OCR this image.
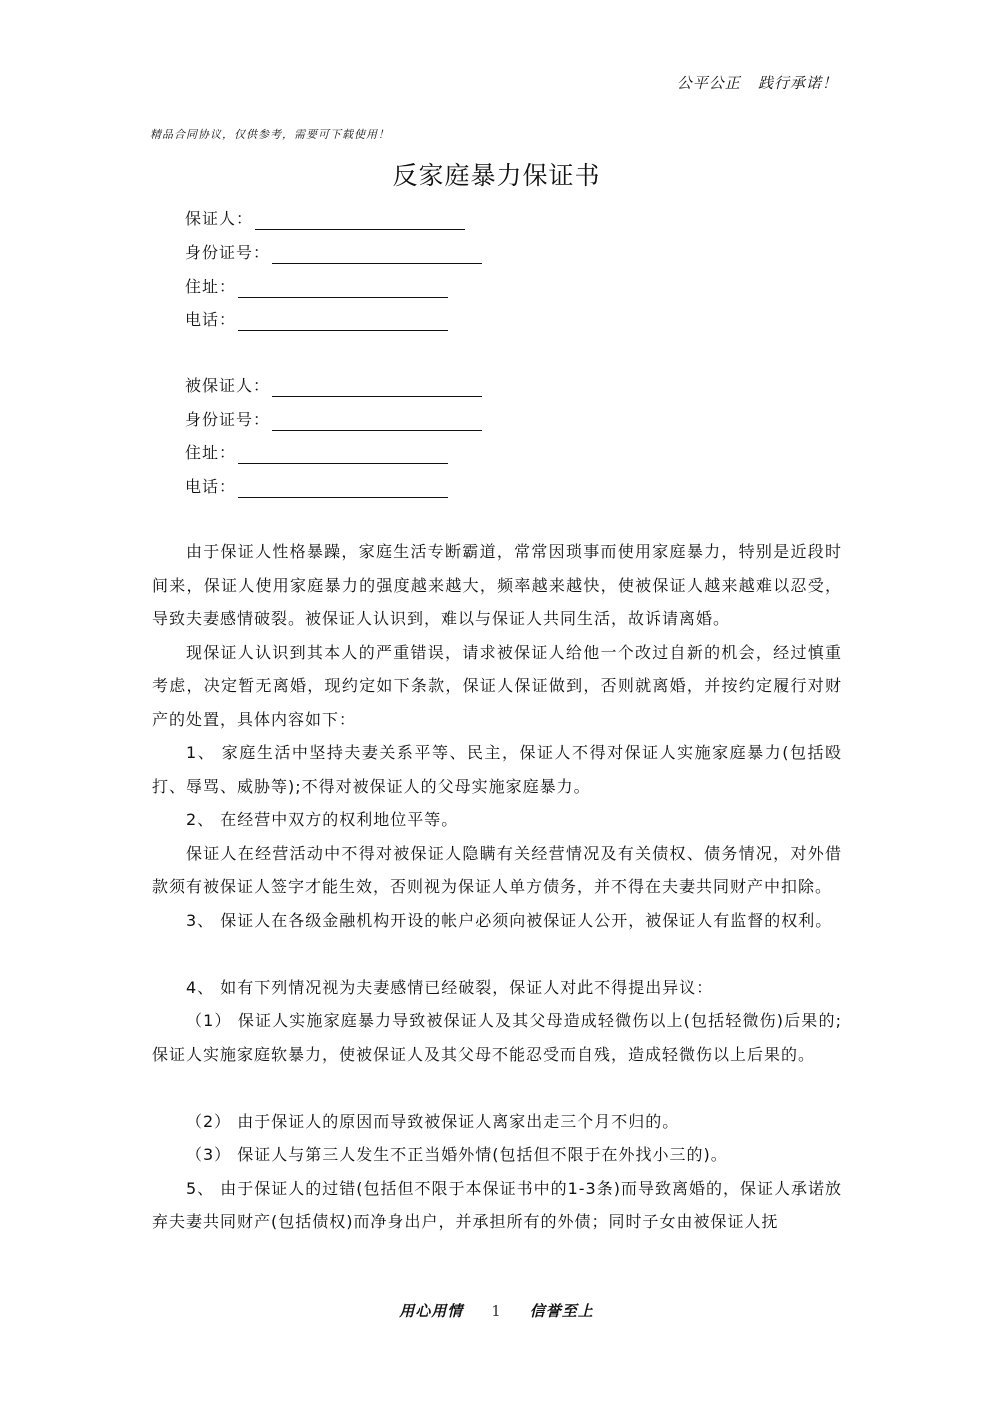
公平公正   践行承诺！
精品合同协议，仅供参考，需要可下载使用！
反家庭暴力保证书
保证人：
身份证号：
住址：
电话：
被保证人：
身份证号：
住址：
电话：

由于保证人性格暴躁，家庭生活专断霸道，常常因琐事而使用家庭暴力，特别是近段时间来，保证人使用家庭暴力的强度越来越大，频率越来越快，使被保证人越来越难以忍受，导致夫妻感情破裂。被保证人认识到，难以与保证人共同生活，故诉请离婚。

现保证人认识到其本人的严重错误，请求被保证人给他一个改过自新的机会，经过慎重考虑，决定暂无离婚，现约定如下条款，保证人保证做到，否则就离婚，并按约定履行对财产的处置，具体内容如下：

1、 家庭生活中坚持夫妻关系平等、民主，保证人不得对保证人实施家庭暴力(包括殴打、辱骂、威胁等);不得对被保证人的父母实施家庭暴力。

2、 在经营中双方的权利地位平等。

保证人在经营活动中不得对被保证人隐瞒有关经营情况及有关债权、债务情况，对外借款须有被保证人签字才能生效，否则视为保证人单方债务，并不得在夫妻共同财产中扣除。

3、 保证人在各级金融机构开设的帐户必须向被保证人公开，被保证人有监督的权利。

4、 如有下列情况视为夫妻感情已经破裂，保证人对此不得提出异议：

（1） 保证人实施家庭暴力导致被保证人及其父母造成轻微伤以上(包括轻微伤)后果的;保证人实施家庭软暴力，使被保证人及其父母不能忍受而自残，造成轻微伤以上后果的。

（2） 由于保证人的原因而导致被保证人离家出走三个月不归的。

（3） 保证人与第三人发生不正当婚外情(包括但不限于在外找小三的)。

5、 由于保证人的过错(包括但不限于本保证书中的1-3条)而导致离婚的，保证人承诺放弃夫妻共同财产(包括债权)而净身出户，并承担所有的外债；同时子女由被保证人抚

用心用情 1 信誉至上
